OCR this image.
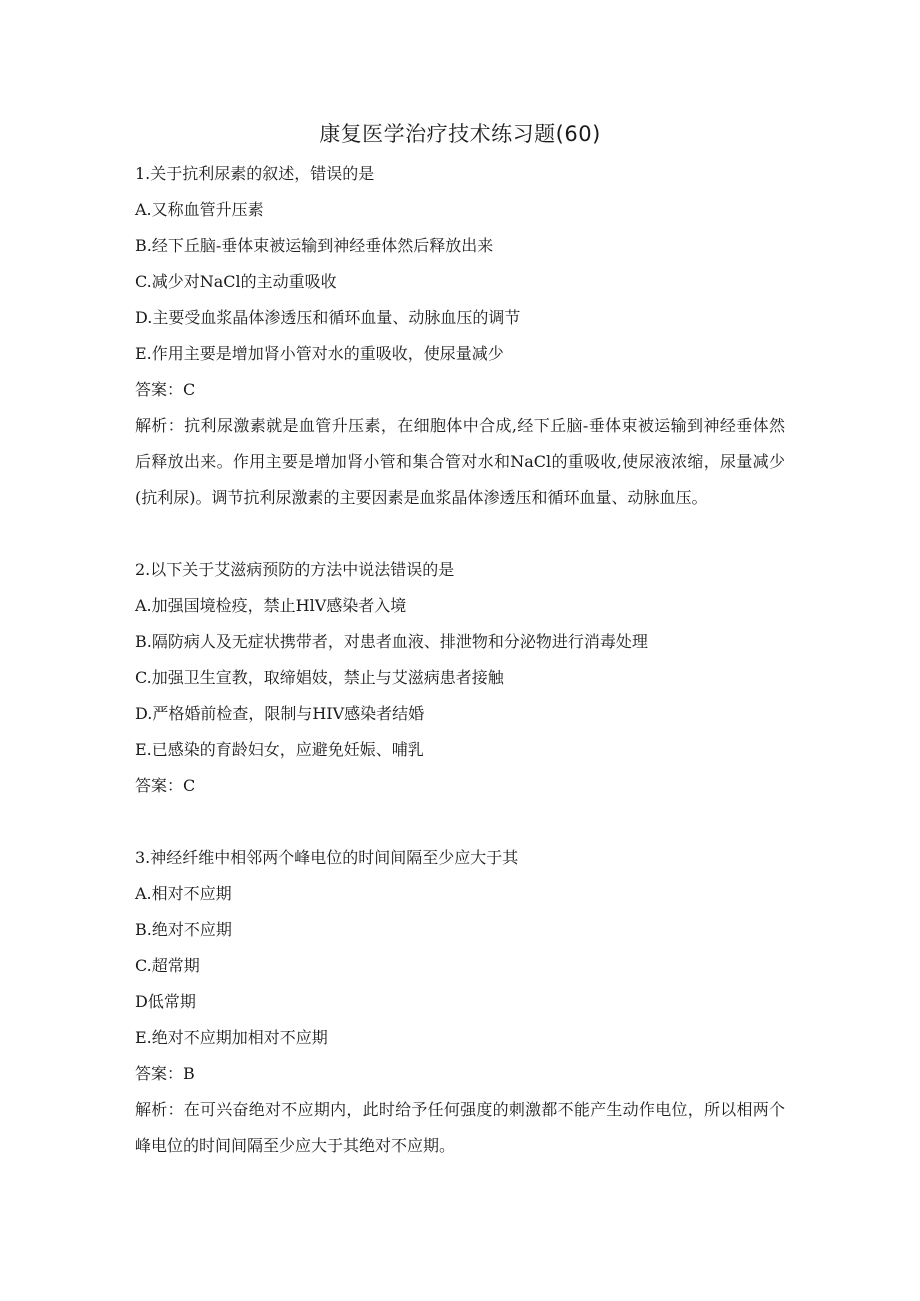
康复医学治疗技术练习题(60)
1.关于抗利尿素的叙述，错误的是
A.又称血管升压素
B.经下丘脑-垂体束被运输到神经垂体然后释放出来
C.减少对NaCl的主动重吸收
D.主要受血浆晶体渗透压和循环血量、动脉血压的调节
E.作用主要是增加肾小管对水的重吸收，使尿量减少
答案：C
解析：抗利尿激素就是血管升压素，在细胞体中合成,经下丘脑-垂体束被运输到神经垂体然后释放出来。作用主要是增加肾小管和集合管对水和NaCl的重吸收,使尿液浓缩，尿量减少(抗利尿)。调节抗利尿激素的主要因素是血浆晶体渗透压和循环血量、动脉血压。
2.以下关于艾滋病预防的方法中说法错误的是
A.加强国境检疫，禁止HlV感染者入境
B.隔防病人及无症状携带者，对患者血液、排泄物和分泌物进行消毒处理
C.加强卫生宣教，取缔娼妓，禁止与艾滋病患者接触
D.严格婚前检查，限制与HIV感染者结婚
E.已感染的育龄妇女，应避免妊娠、哺乳
答案：C
3.神经纤维中相邻两个峰电位的时间间隔至少应大于其
A.相对不应期
B.绝对不应期
C.超常期
D低常期
E.绝对不应期加相对不应期
答案：B
解析：在可兴奋绝对不应期内，此时给予任何强度的刺激都不能产生动作电位，所以相两个峰电位的时间间隔至少应大于其绝对不应期。
